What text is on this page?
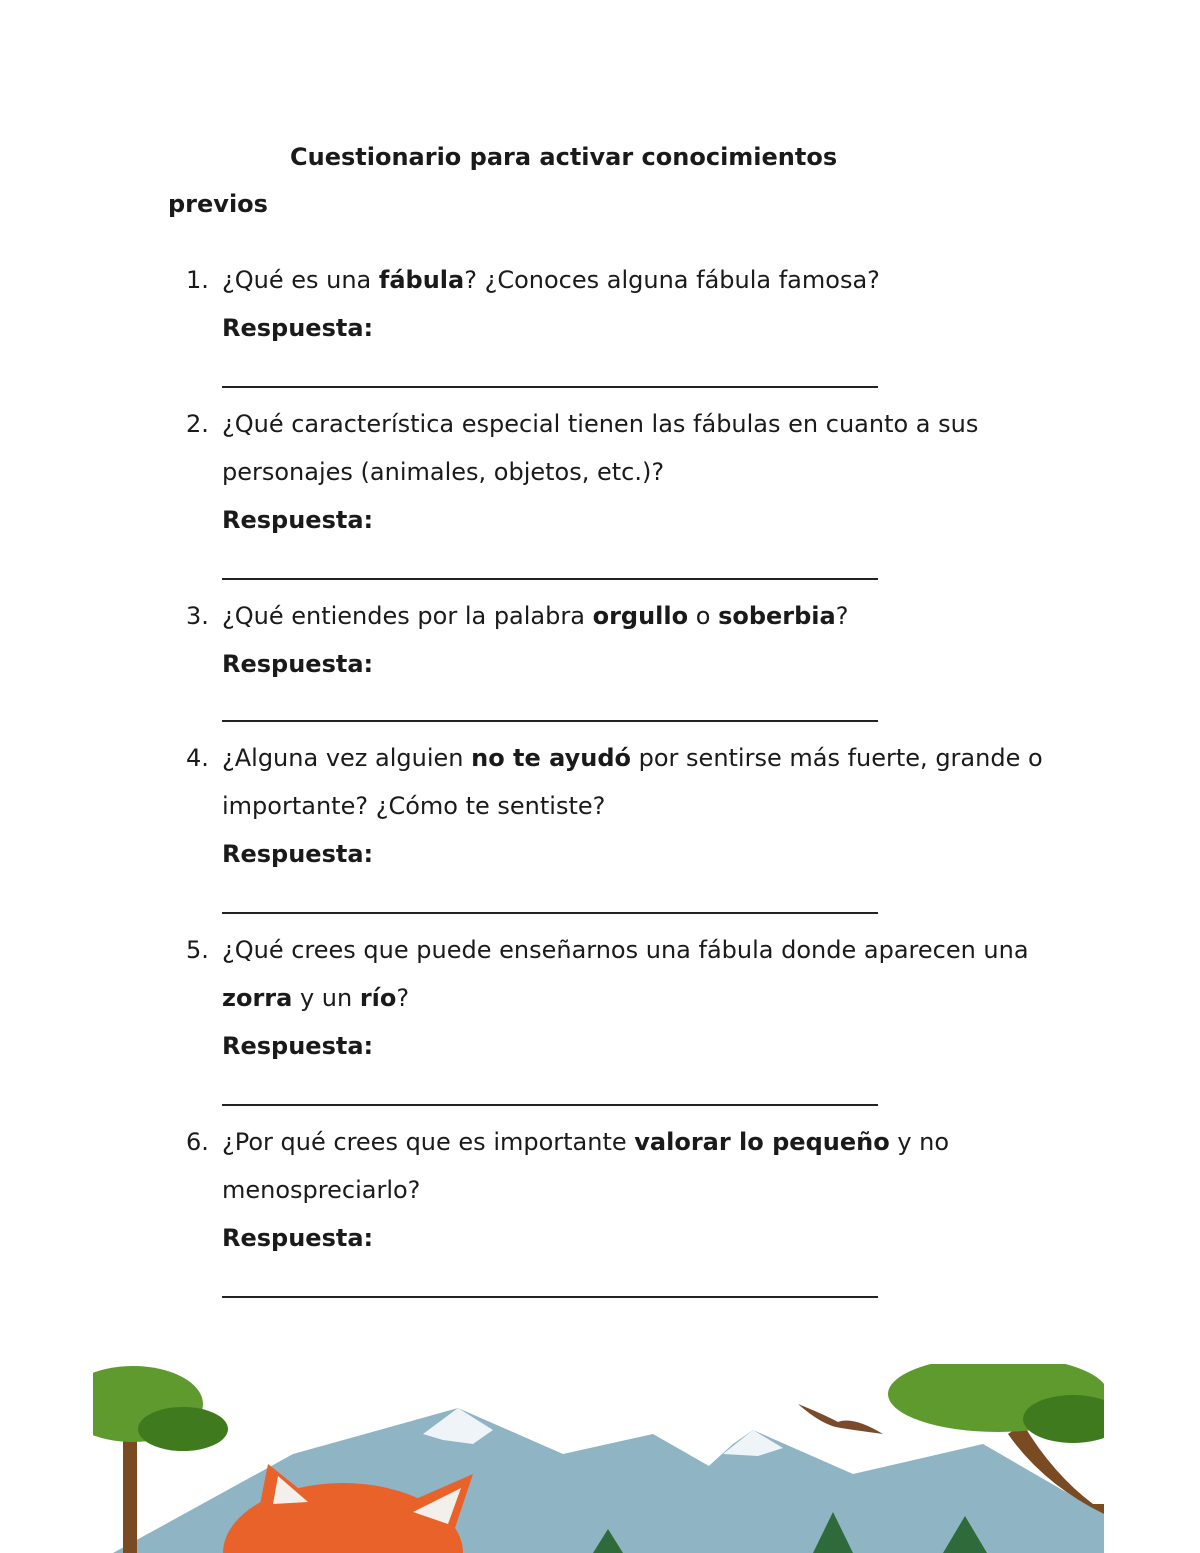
Cuestionario para activar conocimientos
previos
1. ¿Qué es una fábula? ¿Conoces alguna fábula famosa?
Respuesta:
2. ¿Qué característica especial tienen las fábulas en cuanto a sus personajes (animales, objetos, etc.)?
Respuesta:
3. ¿Qué entiendes por la palabra orgullo o soberbia?
Respuesta:
4. ¿Alguna vez alguien no te ayudó por sentirse más fuerte, grande o importante? ¿Cómo te sentiste?
Respuesta:
5. ¿Qué crees que puede enseñarnos una fábula donde aparecen una zorra y un río?
Respuesta:
6. ¿Por qué crees que es importante valorar lo pequeño y no menospreciarlo?
Respuesta:
